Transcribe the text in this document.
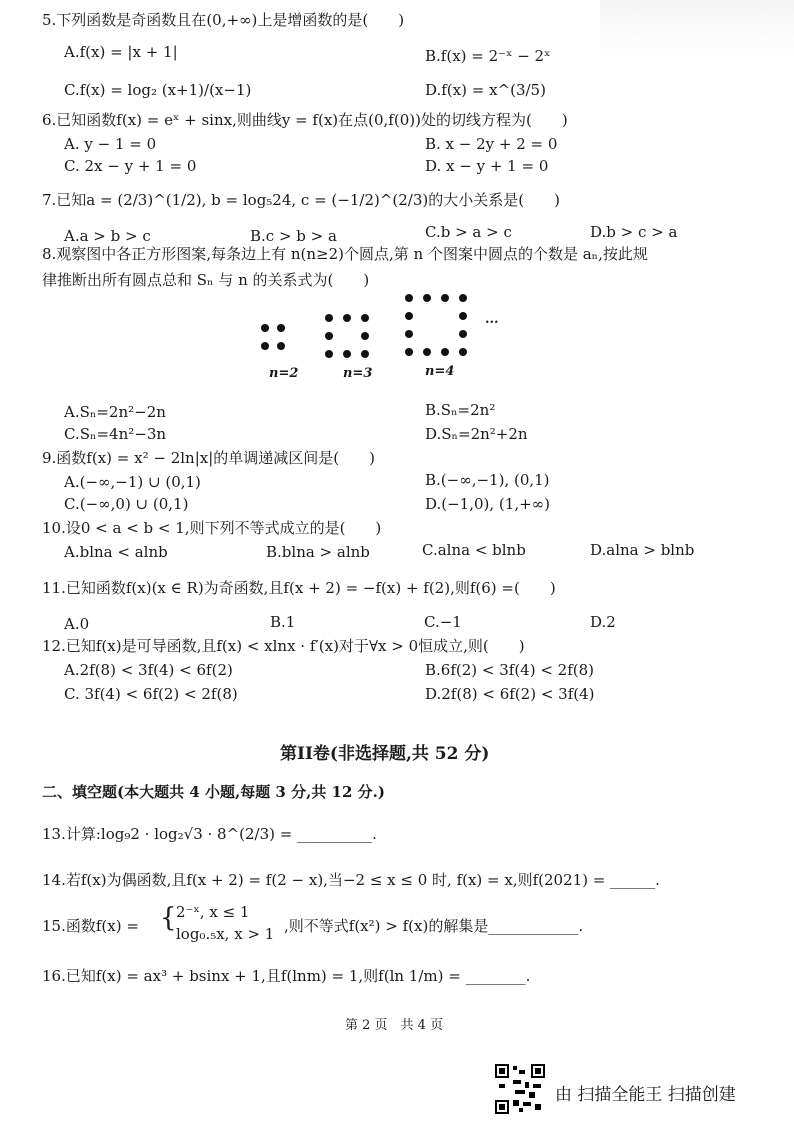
5.下列函数是奇函数且在(0,+∞)上是增函数的是(　　)
A.f(x) = |x + 1|	B.f(x) = 2⁻ˣ − 2ˣ
C.f(x) = log₂ (x+1)/(x−1)	D.f(x) = x^(3/5)
6.已知函数f(x) = eˣ + sinx,则曲线y = f(x)在点(0,f(0))处的切线方程为(　　)
A. y − 1 = 0	B. x − 2y + 2 = 0
C. 2x − y + 1 = 0	D. x − y + 1 = 0
7.已知a = (2/3)^(1/2), b = log₅24, c = (−1/2)^(2/3)的大小关系是(　　)
A.a > b > c	B.c > b > a	C.b > a > c	D.b > c > a
8.观察图中各正方形图案,每条边上有 n(n≥2)个圆点,第 n 个图案中圆点的个数是 aₙ,按此规
律推断出所有圆点总和 Sₙ 与 n 的关系式为(　　)
...
n=2	n=3	n=4
A.Sₙ=2n²−2n	B.Sₙ=2n²
C.Sₙ=4n²−3n	D.Sₙ=2n²+2n
9.函数f(x) = x² − 2ln|x|的单调递减区间是(　　)
A.(−∞,−1) ∪ (0,1)	B.(−∞,−1), (0,1)
C.(−∞,0) ∪ (0,1)	D.(−1,0), (1,+∞)
10.设0 < a < b < 1,则下列不等式成立的是(　　)
A.blna < alnb	B.blna > alnb	C.alna < blnb	D.alna > blnb
11.已知函数f(x)(x ∈ R)为奇函数,且f(x + 2) = −f(x) + f(2),则f(6) =(　　)
A.0	B.1	C.−1	D.2
12.已知f(x)是可导函数,且f(x) < xlnx · f′(x)对于∀x > 0恒成立,则(　　)
A.2f(8) < 3f(4) < 6f(2)	B.6f(2) < 3f(4) < 2f(8)
C. 3f(4) < 6f(2) < 2f(8)	D.2f(8) < 6f(2) < 3f(4)
第II卷(非选择题,共 52 分)
二、填空题(本大题共 4 小题,每题 3 分,共 12 分.)
13.计算:log₉2 · log₂√3 · 8^(2/3) = __________.
14.若f(x)为偶函数,且f(x + 2) = f(2 − x),当−2 ≤ x ≤ 0 时, f(x) = x,则f(2021) = ______.
15.函数f(x) = { 2⁻ˣ, x ≤ 1
log₀.₅x, x > 1 ,则不等式f(x²) > f(x)的解集是____________.
16.已知f(x) = ax³ + bsinx + 1,且f(lnm) = 1,则f(ln 1/m) = ________.
第 2 页　共 4 页
由 扫描全能王 扫描创建
